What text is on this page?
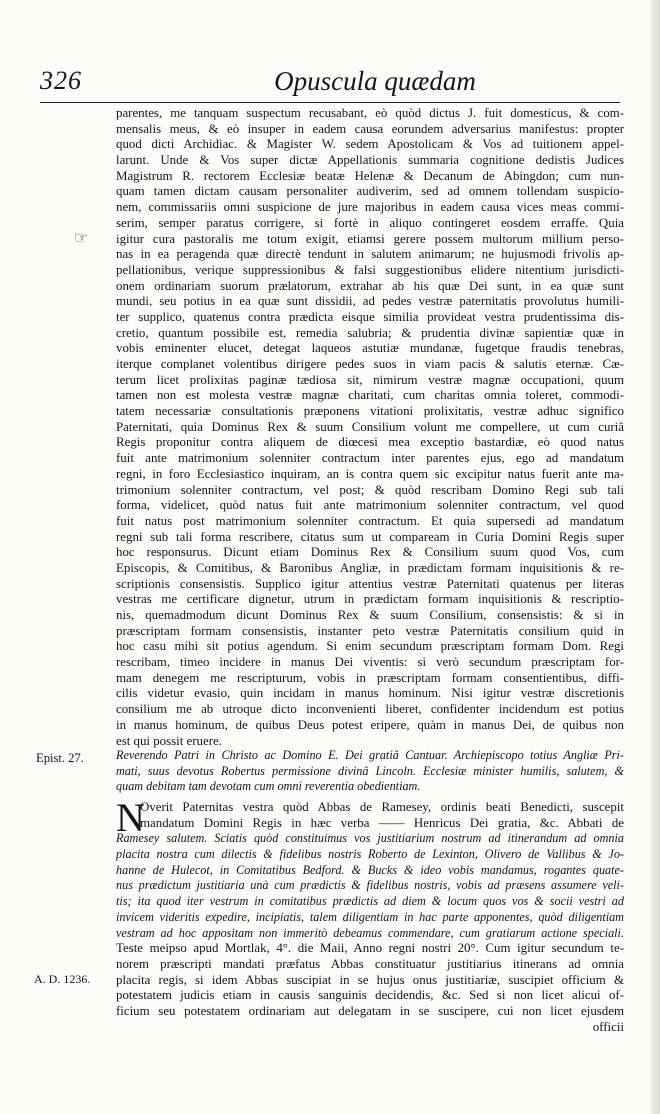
326	Opuscula quædam
☞
parentes, me tanquam suspectum recusabant, eò quòd dictus J. fuit domesticus, & com-
mensalis meus, & eò insuper in eadem causa eorundem adversarius manifestus: propter
quod dicti Archidiac. & Magister W. sedem Apostolicam & Vos ad tuitionem appel-
larunt. Unde & Vos super dictæ Appellationis summaria cognitione dedistis Judices
Magistrum R. rectorem Ecclesiæ beatæ Helenæ & Decanum de Abingdon; cum nun-
quam tamen dictam causam personaliter audiverim, sed ad omnem tollendam suspicio-
nem, commissariis omni suspicione de jure majoribus in eadem causa vices meas commi-
serim, semper paratus corrigere, si fortè in aliquo contingeret eosdem erraffe. Quia
igitur cura pastoralis me totum exigit, etiamsi gerere possem multorum millium perso-
nas in ea peragenda quæ directè tendunt in salutem animarum; ne hujusmodi frivolis ap-
pellationibus, verique suppressionibus & falsi suggestionibus elidere nitentium jurisdicti-
onem ordinariam suorum prælatorum, extrahar ab his quæ Dei sunt, in ea quæ sunt
mundi, seu potius in ea quæ sunt dissidii, ad pedes vestræ paternitatis provolutus humili-
ter supplico, quatenus contra prædicta eisque similia provideat vestra prudentissima dis-
cretio, quantum possibile est, remedia salubria; & prudentia divinæ sapientiæ quæ in
vobis eminenter elucet, detegat laqueos astutiæ mundanæ, fugetque fraudis tenebras,
iterque complanet volentibus dirigere pedes suos in viam pacis & salutis eternæ. Cæ-
terum licet prolixitas paginæ tædiosa sit, nimirum vestræ magnæ occupationi, quum
tamen non est molesta vestræ magnæ charitati, cum charitas omnia toleret, commodi-
tatem necessariæ consultationis præponens vitationi prolixitatis, vestræ adhuc significo
Paternitati, quia Dominus Rex & suum Consilium volunt me compellere, ut cum curiâ
Regis proponitur contra aliquem de diœcesi mea exceptio bastardiæ, eò quod natus
fuit ante matrimonium solenniter contractum inter parentes ejus, ego ad mandatum
regni, in foro Ecclesiastico inquiram, an is contra quem sic excipitur natus fuerit ante ma-
trimonium solenniter contractum, vel post; & quòd rescribam Domino Regi sub tali
forma, videlicet, quòd natus fuit ante matrimonium solenniter contractum, vel quod
fuit natus post matrimonium solenniter contractum. Et quia supersedi ad mandatum
regni sub tali forma rescribere, citatus sum ut compaream in Curia Domini Regis super
hoc responsurus. Dicunt etiam Dominus Rex & Consilium suum quod Vos, cum
Episcopis, & Comitibus, & Baronibus Angliæ, in prædictam formam inquisitionis & re-
scriptionis consensistis. Supplico igitur attentius vestræ Paternitati quatenus per literas
vestras me certificare dignetur, utrum in prædictam formam inquisitionis & rescriptio-
nis, quemadmodum dicunt Dominus Rex & suum Consilium, consensistis: & si in
præscriptam formam consensistis, instanter peto vestræ Paternitatis consilium quid in
hoc casu mihi sit potius agendum. Si enim secundum præscriptam formam Dom. Regi
rescribam, timeo incidere in manus Dei viventis: si verò secundum præscriptam for-
mam denegem me rescripturum, vobis in præscriptam formam consentientibus, diffi-
cilis videtur evasio, quin incidam in manus hominum. Nisi igitur vestræ discretionis
consilium me ab utroque dicto inconvenienti liberet, confidenter incidendum est potius
in manus hominum, de quibus Deus potest eripere, quàm in manus Dei, de quibus non
est qui possit eruere.
Epist. 27.	Reverendo Patri in Christo ac Domino E. Dei gratiâ Cantuar. Archiepiscopo totius Angliæ Pri-
mati, suus devotus Robertus permissione divinâ Lincoln. Ecclesiæ minister humilis, salutem, &
quam debitam tam devotam cum omni reverentia obedientiam.
N
Overit Paternitas vestra quòd Abbas de Ramesey, ordinis beati Benedicti, suscepit
mandatum Domini Regis in hæc verba —— Henricus Dei gratia, &c. Abbati de
Ramesey salutem. Sciatis quòd constituimus vos justitiarium nostrum ad itinerandum ad omnia
placita nostra cum dilectis & fidelibus nostris Roberto de Lexinton, Olivero de Vallibus & Jo-
hanne de Hulecot, in Comitatibus Bedford. & Bucks & ideo vobis mandamus, rogantes quate-
nus prædictum justitiaria unà cum prædictis & fidelibus nostris, vobis ad præsens assumere veli-
tis; ita quod iter vestrum in comitatibus prædictis ad diem & locum quos vos & socii vestri ad
invicem videritis expedire, incipiatis, talem diligentiam in hac parte apponentes, quòd diligentiam
vestram ad hoc appositam non immeritò debeamus commendare, cum gratiarum actione speciali.
Teste meipso apud Mortlak, 4°. die Maii, Anno regni nostri 20°. Cum igitur secundum te-
norem præscripti mandati præfatus Abbas constituatur justitiarius itinerans ad omnia
placita regis, si idem Abbas suscipiat in se hujus onus justitiariæ, suscipiet officium &
potestatem judicis etiam in causis sanguinis decidendis, &c. Sed si non licet alicui of-
ficium seu potestatem ordinariam aut delegatam in se suscipere, cui non licet ejusdem
officii
A. D. 1236.
